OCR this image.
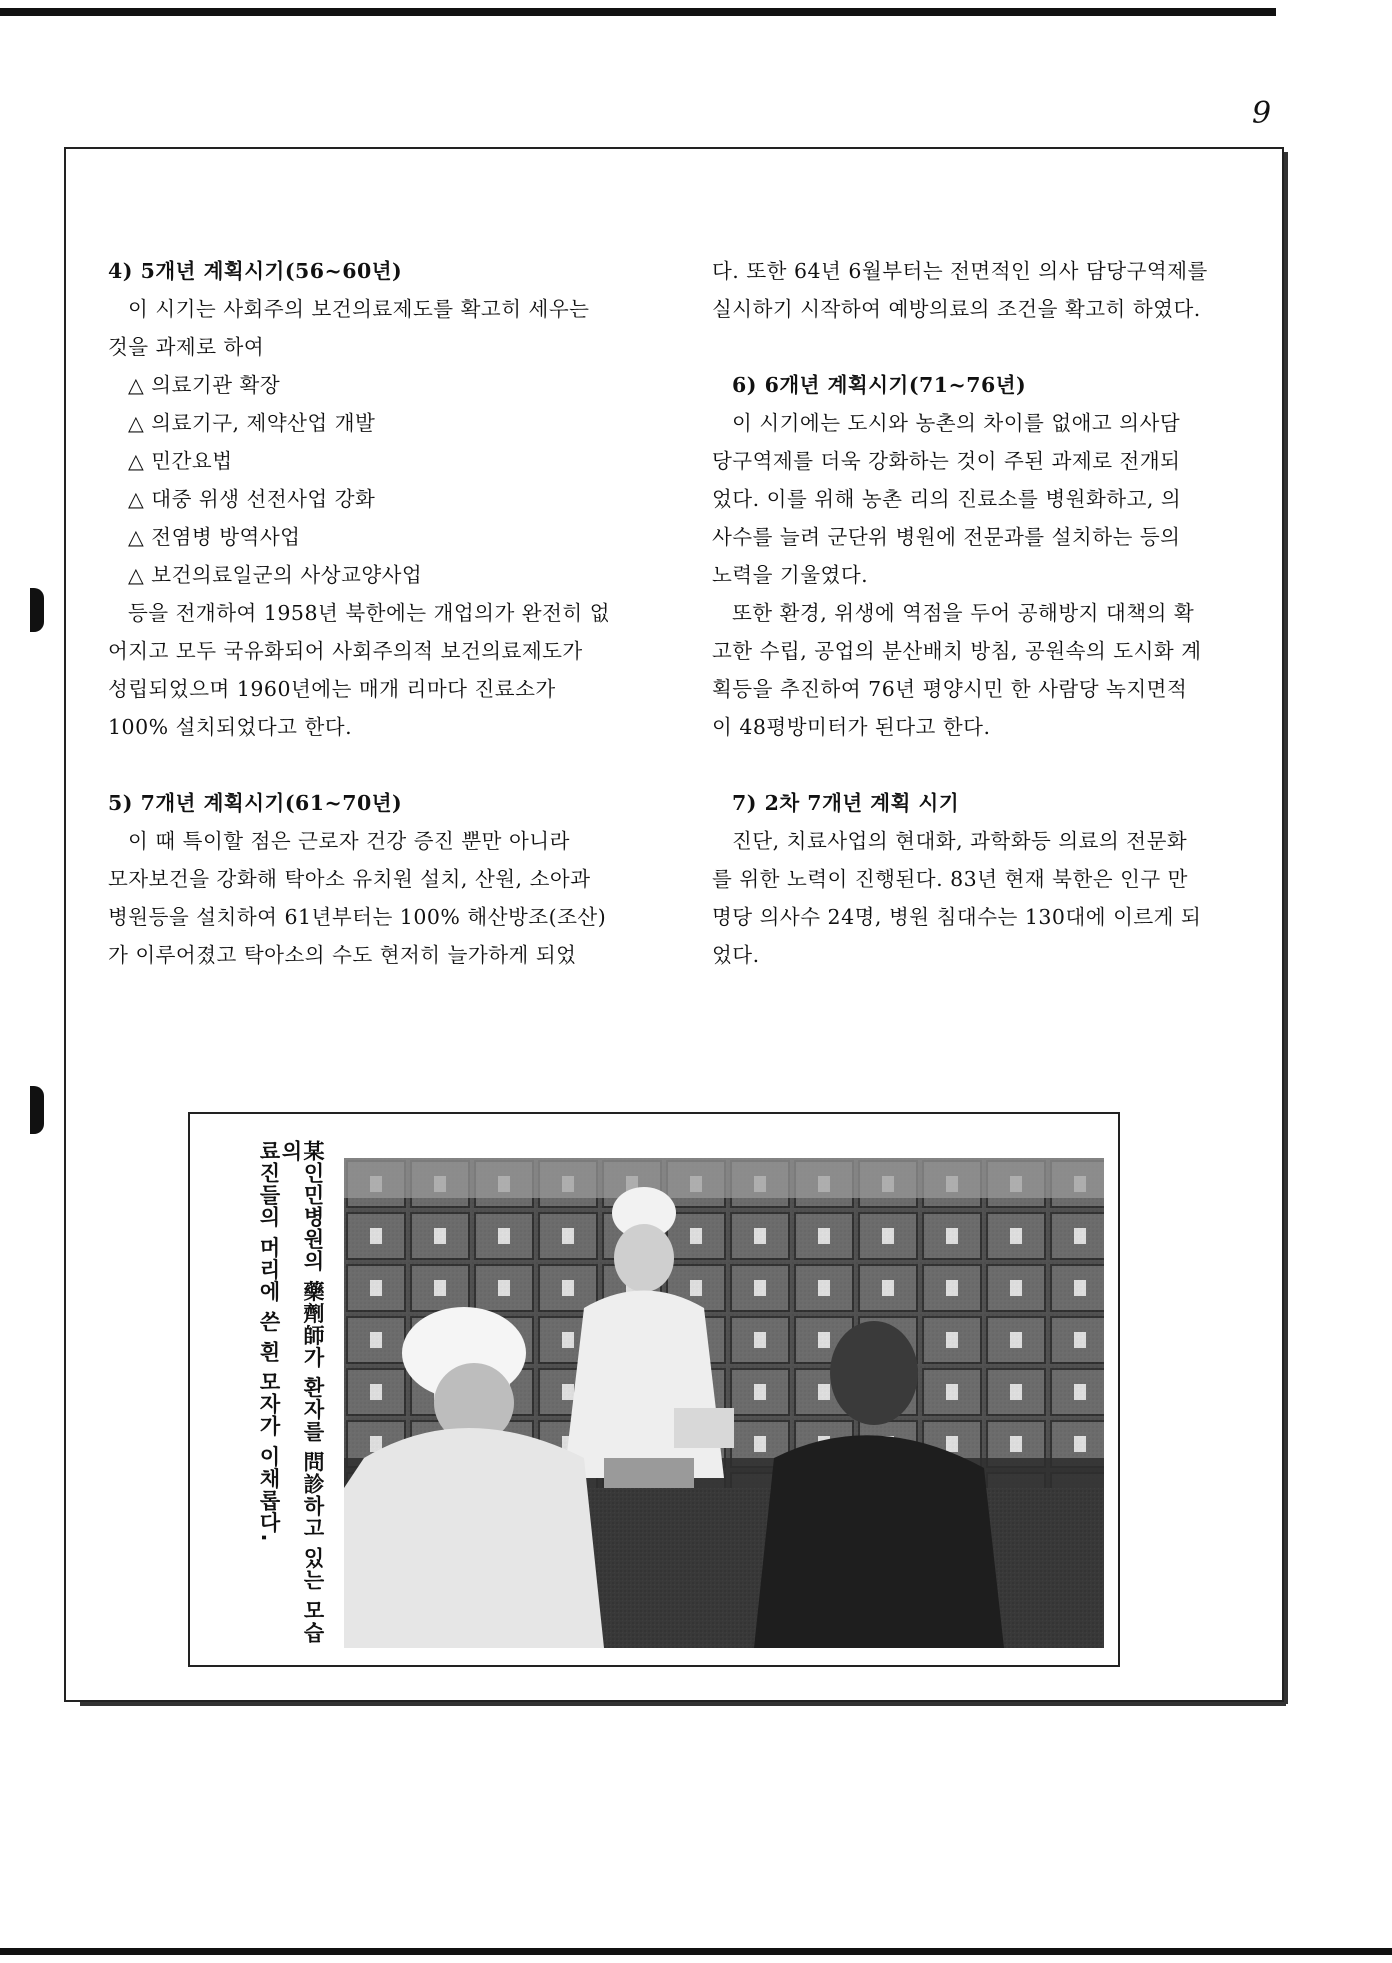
9

4) 5개년 계획시기(56~60년)

이 시기는 사회주의 보건의료제도를 확고히 세우는

것을 과제로 하여

△ 의료기관 확장

△ 의료기구, 제약산업 개발

△ 민간요법

△ 대중 위생 선전사업 강화

△ 전염병 방역사업

△ 보건의료일군의 사상교양사업

등을 전개하여 1958년 북한에는 개업의가 완전히 없

어지고 모두 국유화되어 사회주의적 보건의료제도가

성립되었으며 1960년에는 매개 리마다 진료소가

100% 설치되었다고 한다.

5) 7개년 계획시기(61~70년)

이 때 특이할 점은 근로자 건강 증진 뿐만 아니라

모자보건을 강화해 탁아소 유치원 설치, 산원, 소아과

병원등을 설치하여 61년부터는 100% 해산방조(조산)

가 이루어졌고 탁아소의 수도 현저히 늘가하게 되었

다. 또한 64년 6월부터는 전면적인 의사 담당구역제를

실시하기 시작하여 예방의료의 조건을 확고히 하였다.

6) 6개년 계획시기(71~76년)

이 시기에는 도시와 농촌의 차이를 없애고 의사담

당구역제를 더욱 강화하는 것이 주된 과제로 전개되

었다. 이를 위해 농촌 리의 진료소를 병원화하고, 의

사수를 늘려 군단위 병원에 전문과를 설치하는 등의

노력을 기울였다.

또한 환경, 위생에 역점을 두어 공해방지 대책의 확

고한 수립, 공업의 분산배치 방침, 공원속의 도시화 계

획등을 추진하여 76년 평양시민 한 사람당 녹지면적

이 48평방미터가 된다고 한다.

7) 2차 7개년 계획 시기

진단, 치료사업의 현대화, 과학화등 의료의 전문화

를 위한 노력이 진행된다. 83년 현재 북한은 인구 만

명당 의사수 24명, 병원 침대수는 130대에 이르게 되

었다.

某인민병원의 藥劑師가 환자를 問診하고 있는 모습의
료진들의 머리에 쓴 흰 모자가 이채롭다.
